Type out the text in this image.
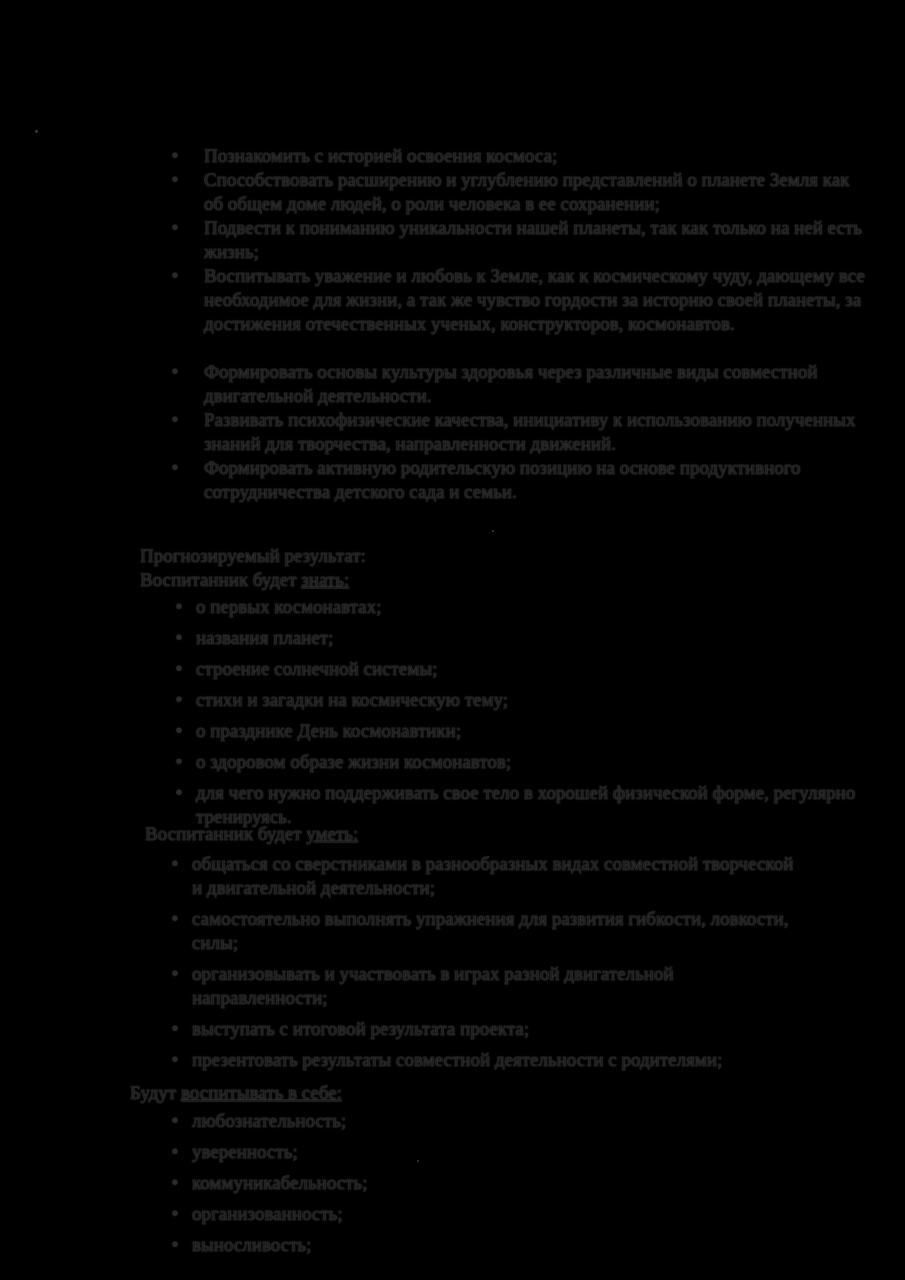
• Познакомить с историей освоения космоса;
• Способствовать расширению и углублению представлений о планете Земля как об общем доме людей, о роли человека в ее сохранении;
• Подвести к пониманию уникальности нашей планеты, так как только на ней есть жизнь;
• Воспитывать уважение и любовь к Земле, как к космическому чуду, дающему все необходимое для жизни, а так же чувство гордости за историю своей планеты, за достижения отечественных ученых, конструкторов, космонавтов.
• Формировать основы культуры здоровья через различные виды совместной двигательной деятельности.
• Развивать психофизические качества, инициативу к использованию полученных знаний для творчества, направленности движений.
• Формировать активную родительскую позицию на основе продуктивного сотрудничества детского сада и семьи.
Прогнозируемый результат:
Воспитанник будет знать:
• о первых космонавтах;
• названия планет;
• строение солнечной системы;
• стихи и загадки на космическую тему;
• о празднике День космонавтики;
• о здоровом образе жизни космонавтов;
• для чего нужно поддерживать свое тело в хорошей физической форме, регулярно тренируясь.
Воспитанник будет уметь:
• общаться со сверстниками в разнообразных видах совместной творческой и двигательной деятельности;
• самостоятельно выполнять упражнения для развития гибкости, ловкости, силы;
• организовывать и участвовать в играх разной двигательной направленности;
• выступать с итоговой результата проекта;
• презентовать результаты совместной деятельности с родителями;
Будут воспитывать в себе:
• любознательность;
• уверенность;
• коммуникабельность;
• организованность;
• выносливость;
